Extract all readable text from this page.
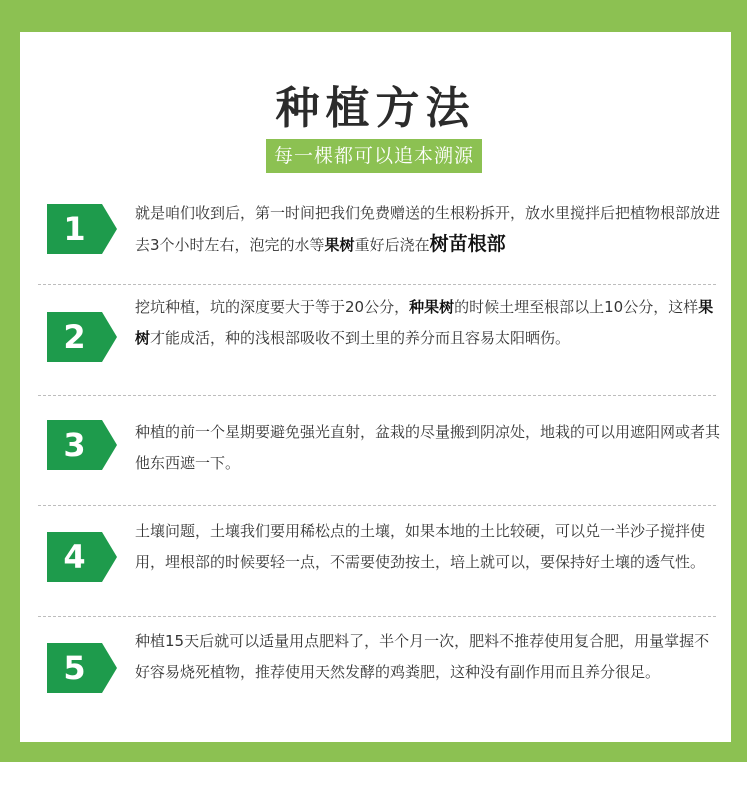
种植方法
每一棵都可以追本溯源
1	就是咱们收到后，第一时间把我们免费赠送的生根粉拆开，放水里搅拌后把植物根部放进去3个小时左右，泡完的水等果树重好后浇在树苗根部
2
挖坑种植，坑的深度要大于等于20公分，种果树的时候土埋至根部以上10公分，这样果树才能成活，种的浅根部吸收不到土里的养分而且容易太阳晒伤。
3	种植的前一个星期要避免强光直射，盆栽的尽量搬到阴凉处，地栽的可以用遮阳网或者其他东西遮一下。
4
土壤问题，土壤我们要用稀松点的土壤，如果本地的土比较硬，可以兑一半沙子搅拌使用，埋根部的时候要轻一点，不需要使劲按土，培上就可以，要保持好土壤的透气性。
5
种植15天后就可以适量用点肥料了，半个月一次，肥料不推荐使用复合肥，用量掌握不好容易烧死植物，推荐使用天然发酵的鸡粪肥，这种没有副作用而且养分很足。
